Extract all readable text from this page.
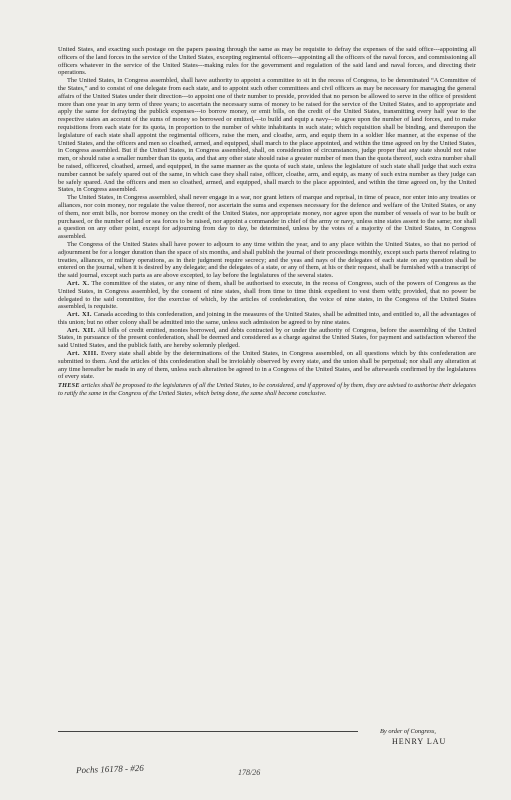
United States, and exacting such postage on the papers passing through the same as may be requisite to defray the expenses of the said office---appointing all officers of the land forces in the service of the United States, excepting regimental officers---appointing all the officers of the naval forces, and commissioning all officers whatever in the service of the United States---making rules for the government and regulation of the said land and naval forces, and directing their operations.

The United States, in Congress assembled, shall have authority to appoint a committee to sit in the recess of Congress, to be denominated “A Committee of the States,” and to consist of one delegate from each state, and to appoint such other committees and civil officers as may be necessary for managing the general affairs of the United States under their direction---to appoint one of their number to preside, provided that no person be allowed to serve in the office of president more than one year in any term of three years; to ascertain the necessary sums of money to be raised for the service of the United States, and to appropriate and apply the same for defraying the publick expenses---to borrow money, or emit bills, on the credit of the United States, transmitting every half year to the respective states an account of the sums of money so borrowed or emitted,---to build and equip a navy---to agree upon the number of land forces, and to make requisitions from each state for its quota, in proportion to the number of white inhabitants in such state; which requisition shall be binding, and thereupon the legislature of each state shall appoint the regimental officers, raise the men, and cloathe, arm, and equip them in a soldier like manner, at the expense of the United States, and the officers and men so cloathed, armed, and equipped, shall march to the place appointed, and within the time agreed on by the United States, in Congress assembled. But if the United States, in Congress assembled, shall, on consideration of circumstances, judge proper that any state should not raise men, or should raise a smaller number than its quota, and that any other state should raise a greater number of men than the quota thereof, such extra number shall be raised, officered, cloathed, armed, and equipped, in the same manner as the quota of such state, unless the legislature of such state shall judge that such extra number cannot be safely spared out of the same, in which case they shall raise, officer, cloathe, arm, and equip, as many of such extra number as they judge can be safely spared. And the officers and men so cloathed, armed, and equipped, shall march to the place appointed, and within the time agreed on, by the United States, in Congress assembled.

The United States, in Congress assembled, shall never engage in a war, nor grant letters of marque and reprisal, in time of peace, nor enter into any treaties or alliances, nor coin money, nor regulate the value thereof, nor ascertain the sums and expenses necessary for the defence and welfare of the United States, or any of them, nor emit bills, nor borrow money on the credit of the United States, nor appropriate money, nor agree upon the number of vessels of war to be built or purchased, or the number of land or sea forces to be raised, nor appoint a commander in chief of the army or navy, unless nine states assent to the same; nor shall a question on any other point, except for adjourning from day to day, be determined, unless by the votes of a majority of the United States, in Congress assembled.

The Congress of the United States shall have power to adjourn to any time within the year, and to any place within the United States, so that no period of adjournment be for a longer duration than the space of six months, and shall publish the journal of their proceedings monthly, except such parts thereof relating to treaties, alliances, or military operations, as in their judgment require secrecy; and the yeas and nays of the delegates of each state on any question shall be entered on the journal, when it is desired by any delegate; and the delegates of a state, or any of them, at his or their request, shall be furnished with a transcript of the said journal, except such parts as are above excepted, to lay before the legislatures of the several states.

Art. X. The committee of the states, or any nine of them, shall be authorised to execute, in the recess of Congress, such of the powers of Congress as the United States, in Congress assembled, by the consent of nine states, shall from time to time think expedient to vest them with; provided, that no power be delegated to the said committee, for the exercise of which, by the articles of confederation, the voice of nine states, in the Congress of the United States assembled, is requisite.

Art. XI. Canada acceding to this confederation, and joining in the measures of the United States, shall be admitted into, and entitled to, all the advantages of this union; but no other colony shall be admitted into the same, unless such admission be agreed to by nine states.

Art. XII. All bills of credit emitted, monies borrowed, and debts contracted by or under the authority of Congress, before the assembling of the United States, in pursuance of the present confederation, shall be deemed and considered as a charge against the United States, for payment and satisfaction whereof the said United States, and the publick faith, are hereby solemnly pledged.

Art. XIII. Every state shall abide by the determinations of the United States, in Congress assembled, on all questions which by this confederation are submitted to them. And the articles of this confederation shall be inviolably observed by every state, and the union shall be perpetual; nor shall any alteration at any time hereafter be made in any of them, unless such alteration be agreed to in a Congress of the United States, and be afterwards confirmed by the legislatures of every state.

THESE articles shall be proposed to the legislatures of all the United States, to be considered, and if approved of by them, they are advised to authorise their delegates to ratify the same in the Congress of the United States, which being done, the same shall become conclusive.

By order of Congress,
HENRY LAU
Pochs 16178 - #26	178/26
